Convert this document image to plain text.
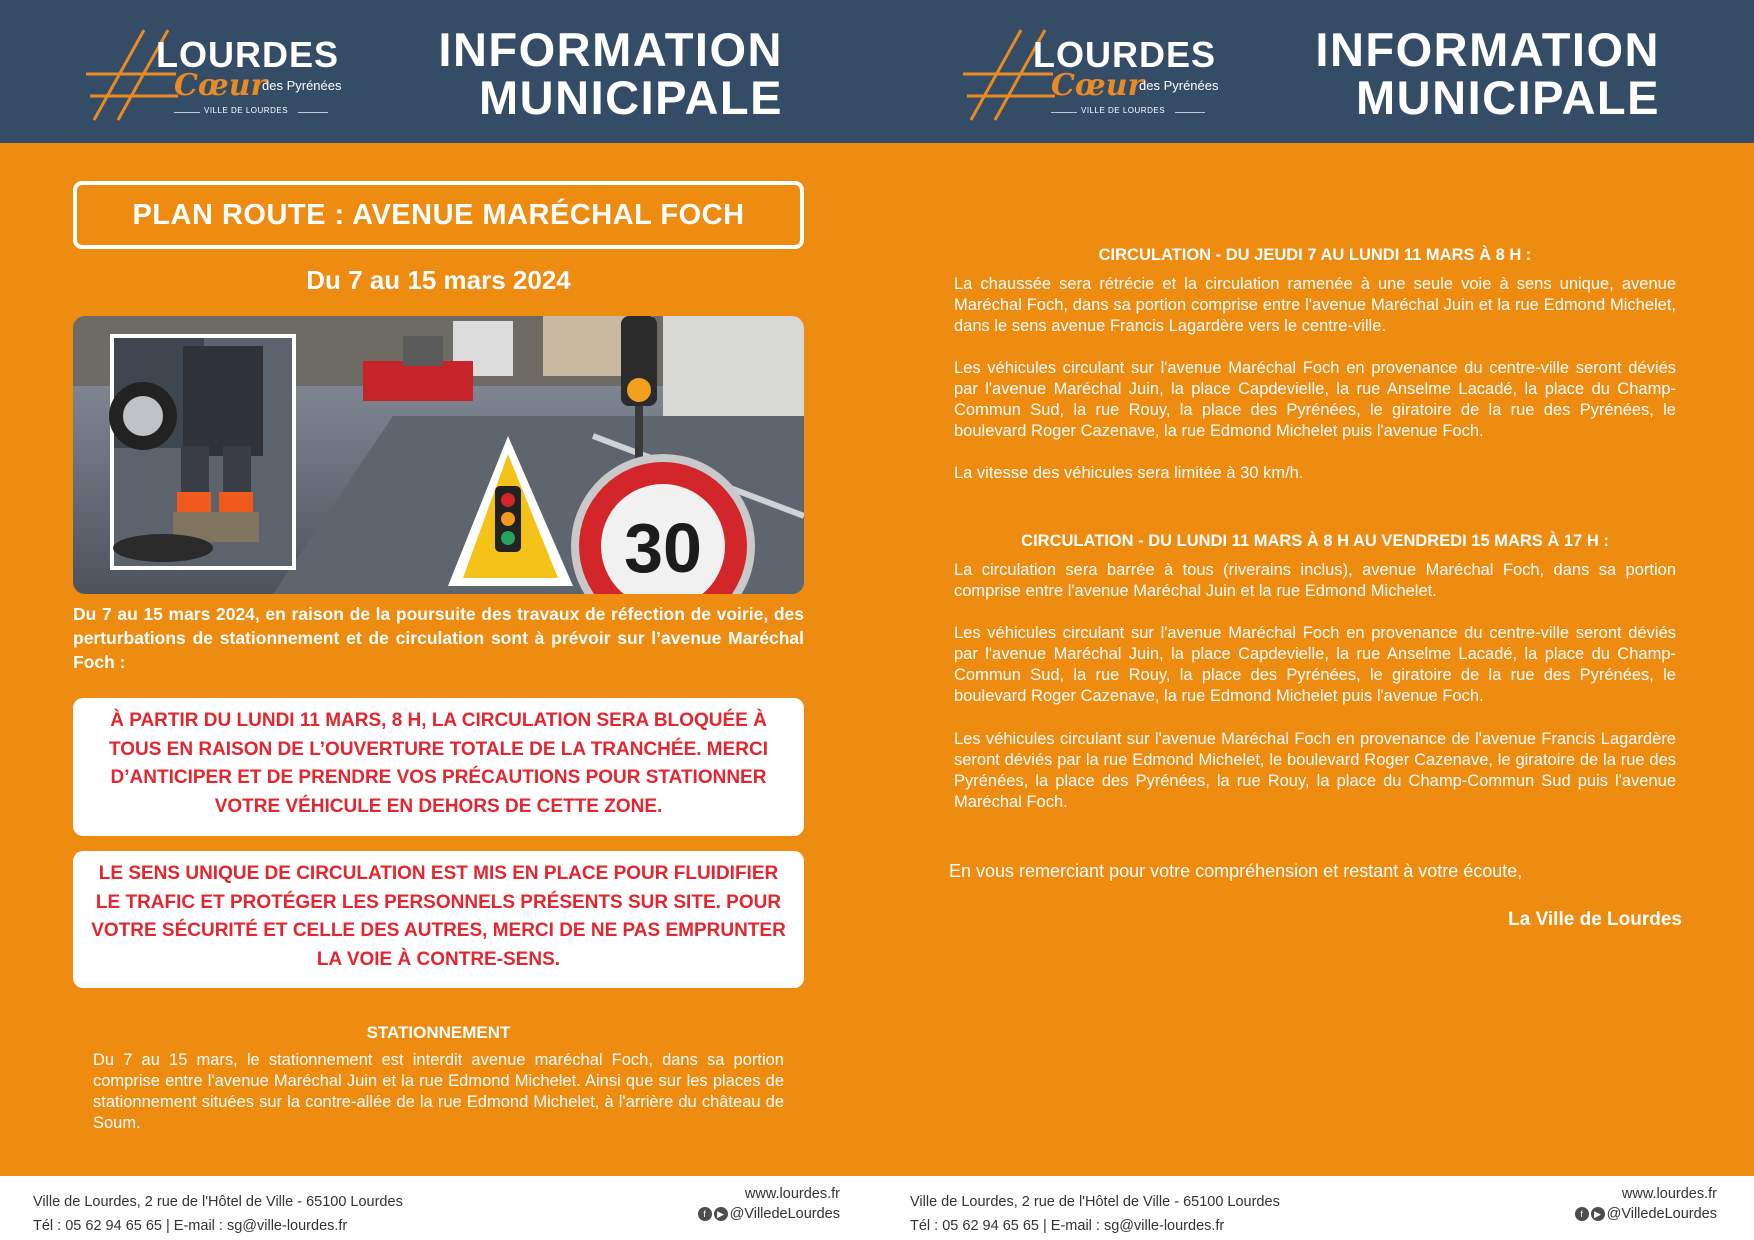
LOURDES
Cœur
des Pyrénées
VILLE DE LOURDES
INFORMATION
MUNICIPALE
PLAN ROUTE : AVENUE MARÉCHAL FOCH
Du 7 au 15 mars 2024
30

Du 7 au 15 mars 2024, en raison de la poursuite des travaux de réfection de voirie, des perturbations de stationnement et de circulation sont à prévoir sur l’avenue Maréchal Foch :

À PARTIR DU LUNDI 11 MARS, 8 H, LA CIRCULATION SERA BLOQUÉE À TOUS EN RAISON DE L’OUVERTURE TOTALE DE LA TRANCHÉE. MERCI D’ANTICIPER ET DE PRENDRE VOS PRÉCAUTIONS POUR STATIONNER VOTRE VÉHICULE EN DEHORS DE CETTE ZONE.
LE SENS UNIQUE DE CIRCULATION EST MIS EN PLACE POUR FLUIDIFIER LE TRAFIC ET PROTÉGER LES PERSONNELS PRÉSENTS SUR SITE. POUR VOTRE SÉCURITÉ ET CELLE DES AUTRES, MERCI DE NE PAS EMPRUNTER LA VOIE À CONTRE-SENS.
STATIONNEMENT

Du 7 au 15 mars, le stationnement est interdit avenue maréchal Foch, dans sa portion comprise entre l'avenue Maréchal Juin et la rue Edmond Michelet. Ainsi que sur les places de stationnement situées sur la contre-allée de la rue Edmond Michelet, à l'arrière du château de Soum.

Ville de Lourdes, 2 rue de l'Hôtel de Ville - 65100 Lourdes
Tél : 05 62 94 65 65 | E-mail : sg@ville-lourdes.fr
www.lourdes.fr
f ▶ @VilledeLourdes
LOURDES
Cœur
des Pyrénées
VILLE DE LOURDES
INFORMATION
MUNICIPALE
CIRCULATION - DU JEUDI 7 AU LUNDI 11 MARS À 8 H :

La chaussée sera rétrécie et la circulation ramenée à une seule voie à sens unique, avenue Maréchal Foch, dans sa portion comprise entre l'avenue Maréchal Juin et la rue Edmond Michelet, dans le sens avenue Francis Lagardère vers le centre-ville.

Les véhicules circulant sur l'avenue Maréchal Foch en provenance du centre-ville seront déviés par l'avenue Maréchal Juin, la place Capdevielle, la rue Anselme Lacadé, la place du Champ-Commun Sud, la rue Rouy, la place des Pyrénées, le giratoire de la rue des Pyrénées, le boulevard Roger Cazenave, la rue Edmond Michelet puis l'avenue Foch.

La vitesse des véhicules sera limitée à 30 km/h.

CIRCULATION - DU LUNDI 11 MARS À 8 H AU VENDREDI 15 MARS À 17 H :

La circulation sera barrée à tous (riverains inclus), avenue Maréchal Foch, dans sa portion comprise entre l'avenue Maréchal Juin et la rue Edmond Michelet.

Les véhicules circulant sur l'avenue Maréchal Foch en provenance du centre-ville seront déviés par l'avenue Maréchal Juin, la place Capdevielle, la rue Anselme Lacadé, la place du Champ-Commun Sud, la rue Rouy, la place des Pyrénées, le giratoire de la rue des Pyrénées, le boulevard Roger Cazenave, la rue Edmond Michelet puis l'avenue Foch.

Les véhicules circulant sur l'avenue Maréchal Foch en provenance de l'avenue Francis Lagardère seront déviés par la rue Edmond Michelet, le boulevard Roger Cazenave, le giratoire de la rue des Pyrénées, la place des Pyrénées, la rue Rouy, la place du Champ-Commun Sud puis l'avenue Maréchal Foch.

En vous remerciant pour votre compréhension et restant à votre écoute,
La Ville de Lourdes
Ville de Lourdes, 2 rue de l'Hôtel de Ville - 65100 Lourdes
Tél : 05 62 94 65 65 | E-mail : sg@ville-lourdes.fr
www.lourdes.fr
f ▶ @VilledeLourdes
